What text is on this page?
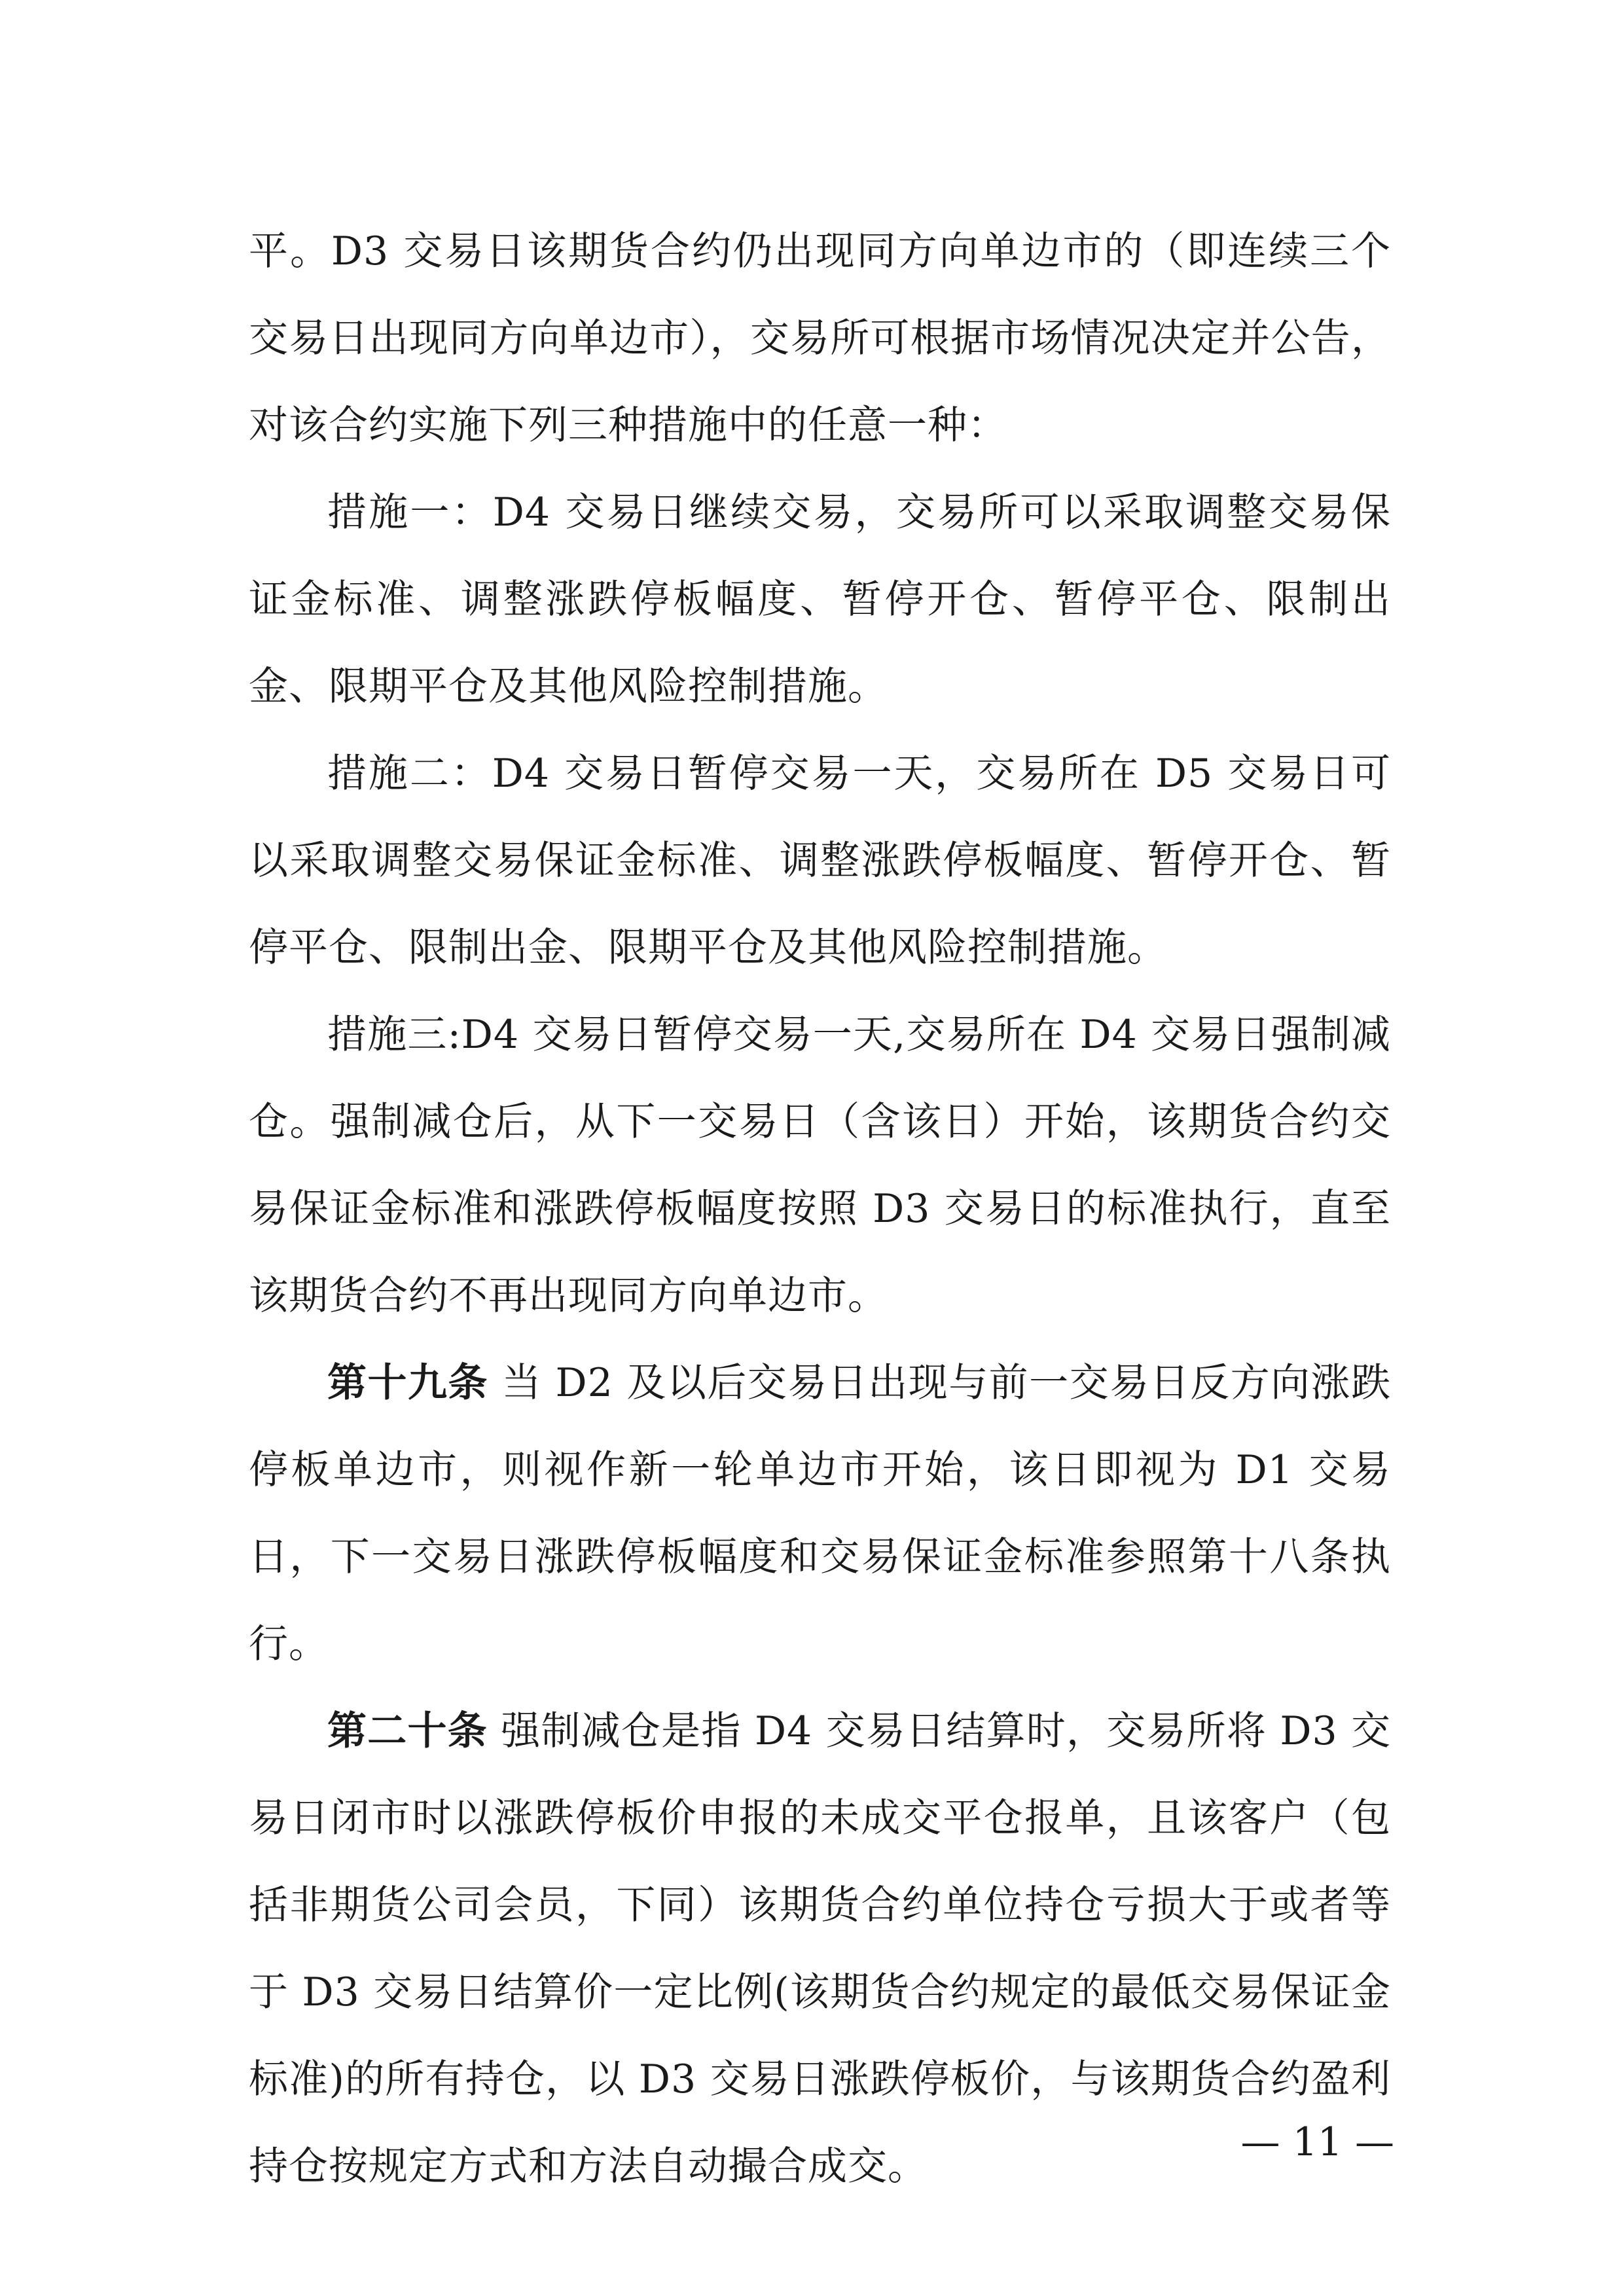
平。D3 交易日该期货合约仍出现同方向单边市的（即连续三个交易日出现同方向单边市），交易所可根据市场情况决定并公告，对该合约实施下列三种措施中的任意一种：

措施一：D4 交易日继续交易，交易所可以采取调整交易保证金标准、调整涨跌停板幅度、暂停开仓、暂停平仓、限制出金、限期平仓及其他风险控制措施。

措施二：D4 交易日暂停交易一天，交易所在 D5 交易日可以采取调整交易保证金标准、调整涨跌停板幅度、暂停开仓、暂停平仓、限制出金、限期平仓及其他风险控制措施。

措施三:D4 交易日暂停交易一天,交易所在 D4 交易日强制减仓。强制减仓后，从下一交易日（含该日）开始，该期货合约交易保证金标准和涨跌停板幅度按照 D3 交易日的标准执行，直至该期货合约不再出现同方向单边市。

第十九条 当 D2 及以后交易日出现与前一交易日反方向涨跌停板单边市，则视作新一轮单边市开始，该日即视为 D1 交易日，下一交易日涨跌停板幅度和交易保证金标准参照第十八条执行。

第二十条 强制减仓是指 D4 交易日结算时，交易所将 D3 交易日闭市时以涨跌停板价申报的未成交平仓报单，且该客户（包括非期货公司会员，下同）该期货合约单位持仓亏损大于或者等于 D3 交易日结算价一定比例(该期货合约规定的最低交易保证金标准)的所有持仓，以 D3 交易日涨跌停板价，与该期货合约盈利持仓按规定方式和方法自动撮合成交。

— 11 —
